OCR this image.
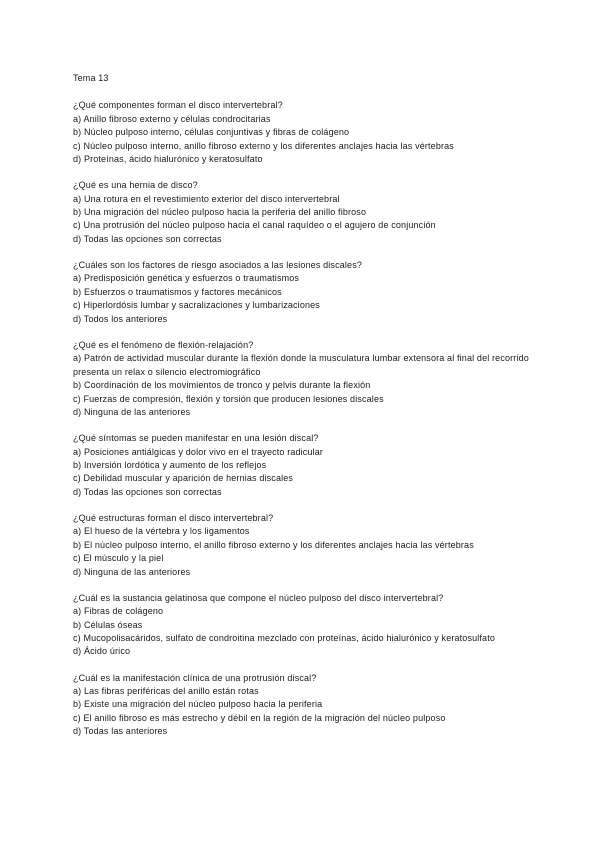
Tema 13

¿Qué componentes forman el disco intervertebral?

a) Anillo fibroso externo y células condrocitarias

b) Núcleo pulposo interno, células conjuntivas y fibras de colágeno

c) Núcleo pulposo interno, anillo fibroso externo y los diferentes anclajes hacia las vértebras

d) Proteínas, ácido hialurónico y keratosulfato

¿Qué es una hernia de disco?

a) Una rotura en el revestimiento exterior del disco intervertebral

b) Una migración del núcleo pulposo hacia la periferia del anillo fibroso

c) Una protrusión del núcleo pulposo hacia el canal raquídeo o el agujero de conjunción

d) Todas las opciones son correctas

¿Cuáles son los factores de riesgo asociados a las lesiones discales?

a) Predisposición genética y esfuerzos o traumatismos

b) Esfuerzos o traumatismos y factores mecánicos

c) Hiperlordósis lumbar y sacralizaciones y lumbarizaciones

d) Todos los anteriores

¿Qué es el fenómeno de flexión-relajación?

a) Patrón de actividad muscular durante la flexión donde la musculatura lumbar extensora al final del recorrido presenta un relax o silencio electromiográfico

b) Coordinación de los movimientos de tronco y pelvis durante la flexión

c) Fuerzas de compresión, flexión y torsión que producen lesiones discales

d) Ninguna de las anteriores

¿Qué síntomas se pueden manifestar en una lesión discal?

a) Posiciones antiálgicas y dolor vivo en el trayecto radicular

b) Inversión lordótica y aumento de los reflejos

c) Debilidad muscular y aparición de hernias discales

d) Todas las opciones son correctas

¿Qué estructuras forman el disco intervertebral?

a) El hueso de la vértebra y los ligamentos

b) El núcleo pulposo interno, el anillo fibroso externo y los diferentes anclajes hacia las vértebras

c) El músculo y la piel

d) Ninguna de las anteriores

¿Cuál es la sustancia gelatinosa que compone el núcleo pulposo del disco intervertebral?

a) Fibras de colágeno

b) Células óseas

c) Mucopolisacáridos, sulfato de condroitina mezclado con proteínas, ácido hialurónico y keratosulfato

d) Ácido úrico

¿Cuál es la manifestación clínica de una protrusión discal?

a) Las fibras periféricas del anillo están rotas

b) Existe una migración del núcleo pulposo hacia la periferia

c) El anillo fibroso es más estrecho y débil en la región de la migración del núcleo pulposo

d) Todas las anteriores
